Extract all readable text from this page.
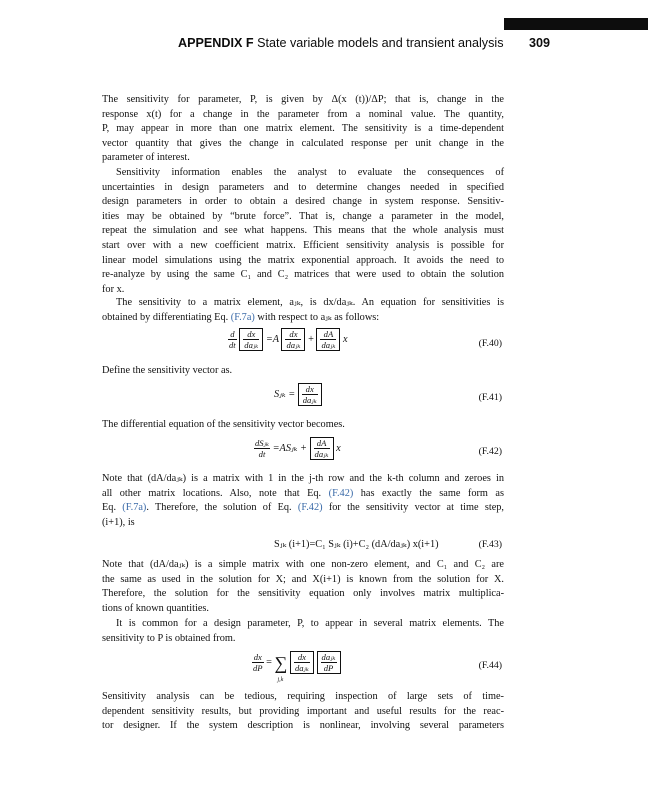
APPENDIX F State variable models and transient analysis 309
The sensitivity for parameter, P, is given by Δ(x (t))/ΔP; that is, change in the
response x(t) for a change in the parameter from a nominal value. The quantity,
P, may appear in more than one matrix element. The sensitivity is a time-dependent
vector quantity that gives the change in calculated response per unit change in the
parameter of interest.
Sensitivity information enables the analyst to evaluate the consequences of
uncertainties in design parameters and to determine changes needed in specified
design parameters in order to obtain a desired change in system response. Sensitiv-
ities may be obtained by “brute force”. That is, change a parameter in the model,
repeat the simulation and see what happens. This means that the whole analysis must
start over with a new coefficient matrix. Efficient sensitivity analysis is possible for
linear model simulations using the matrix exponential approach. It avoids the need to
re-analyze by using the same C₁ and C₂ matrices that were used to obtain the solution
for x.
The sensitivity to a matrix element, aⱼₖ, is dx/daⱼₖ. An equation for sensitivities is
obtained by differentiating Eq. (F.7a) with respect to aⱼₖ as follows:
$\frac{d}{dt}$
$\frac{dx}{\text{daⱼₖ}} =A \frac{dx}{\text{daⱼₖ}} + \frac{dA}{\text{daⱼₖ}}$ x	(F.40)
Define the sensitivity vector as.
Sⱼₖ = $\frac{dx}{\text{daⱼₖ}}$	(F.41)
The differential equation of the sensitivity vector becomes.
$\frac{\text{dSⱼₖ}}{dt}$ =ASⱼₖ + $\frac{dA}{\text{daⱼₖ}}$ x	(F.42)
Note that (dA/daⱼₖ) is a matrix with 1 in the j-th row and the k-th column and zeroes in
all other matrix locations. Also, note that Eq. (F.42) has exactly the same form as
Eq. (F.7a). Therefore, the solution of Eq. (F.42) for the sensitivity vector at time step,
(i+1), is
Sⱼₖ (i+1)=C₁ Sⱼₖ (i)+C₂ (dA/daⱼₖ) x(i+1)	(F.43)
Note that (dA/daⱼₖ) is a simple matrix with one non-zero element, and C₁ and C₂ are
the same as used in the solution for X; and X(i+1) is known from the solution for X.
Therefore, the solution for the sensitivity equation only involves matrix multiplica-
tions of known quantities.
It is common for a design parameter, P, to appear in several matrix elements. The
sensitivity to P is obtained from.
$\frac{dx}{dP}$ = ∑
j,k

$\frac{dx}{\text{daⱼₖ}}$
$\frac{\text{daⱼₖ}}{dP}$	(F.44)
Sensitivity analysis can be tedious, requiring inspection of large sets of time-
dependent sensitivity results, but providing important and useful results for the reac-
tor designer. If the system description is nonlinear, involving several parameters
